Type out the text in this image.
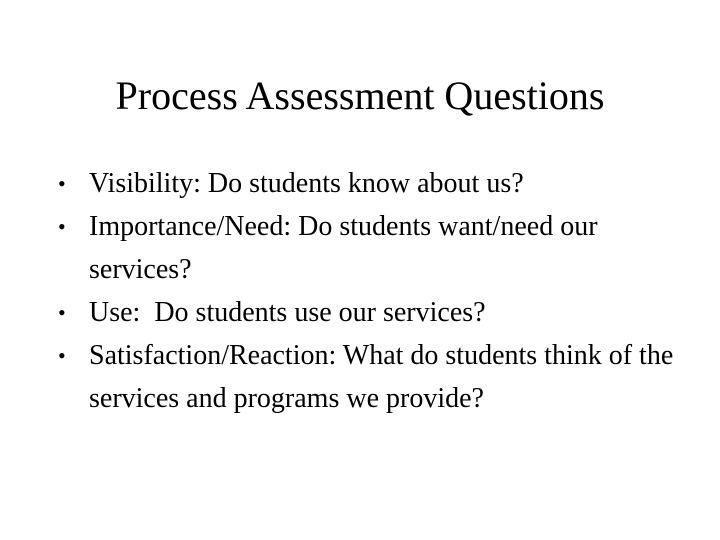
Process Assessment Questions
• Visibility: Do students know about us?
• Importance/Need: Do students want/need our services?
• Use:  Do students use our services?
• Satisfaction/Reaction: What do students think of the services and programs we provide?
